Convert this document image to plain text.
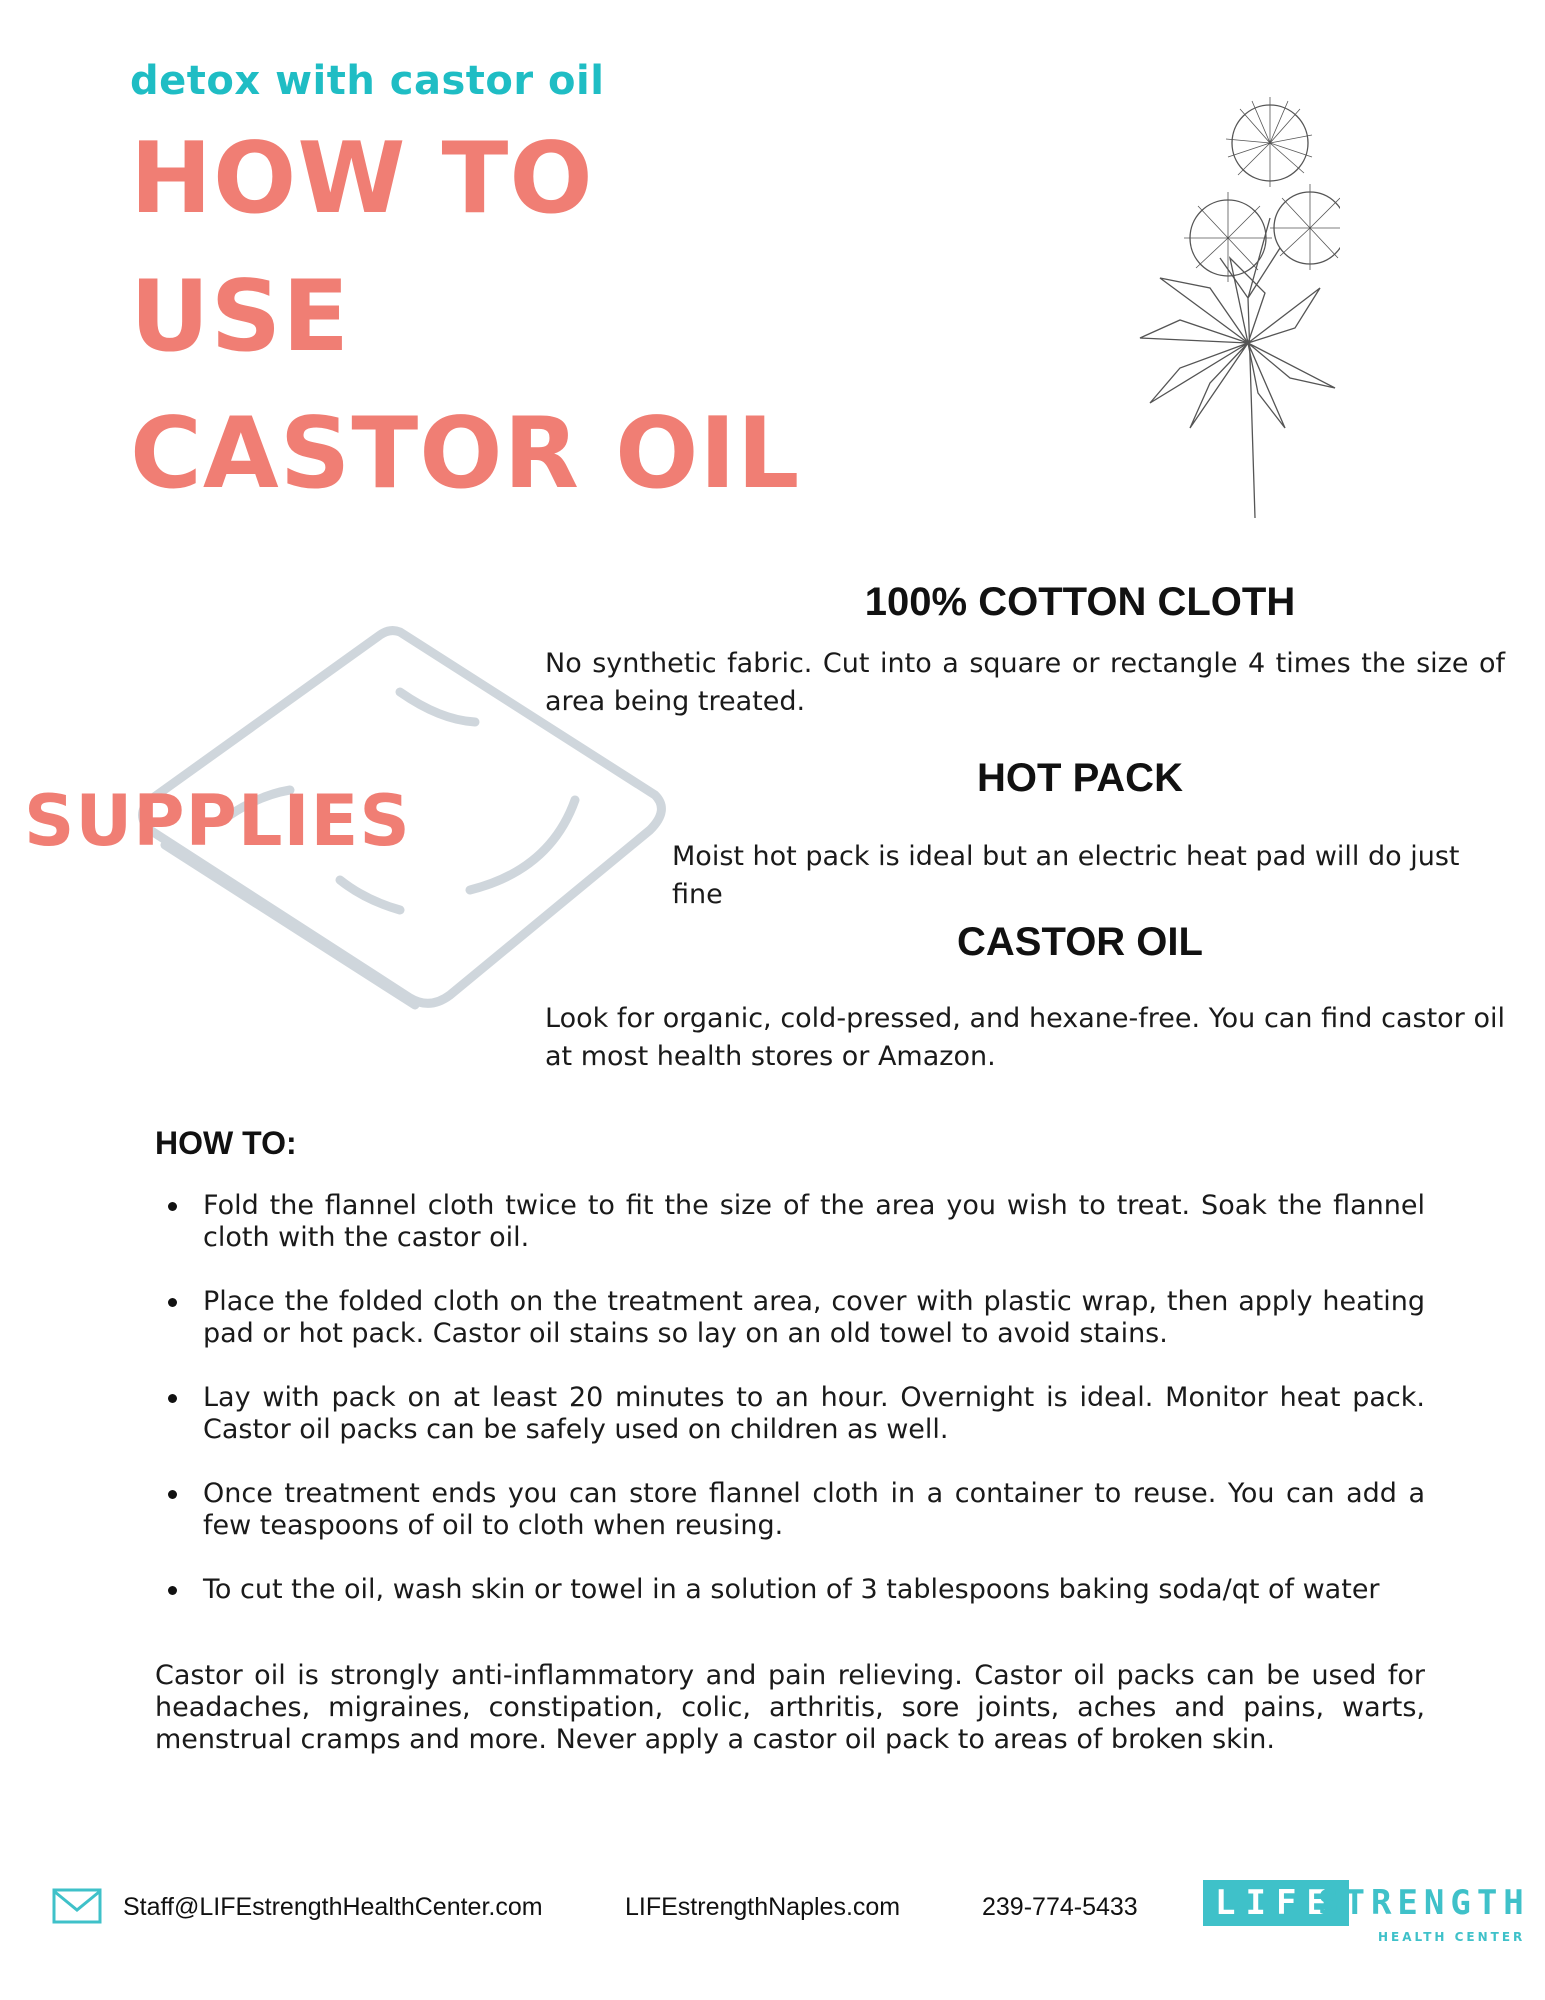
detox with castor oil
HOW TO
USE
CASTOR OIL
SUPPLIES
100% COTTON CLOTH
No synthetic fabric. Cut into a square or rectangle 4 times the size of area being treated.
HOT PACK
Moist hot pack is ideal but an electric heat pad will do just fine
CASTOR OIL
Look for organic, cold-pressed, and hexane-free. You can find castor oil at most health stores or Amazon.
HOW TO:
Fold the flannel cloth twice to fit the size of the area you wish to treat. Soak the flannel cloth with the castor oil.
Place the folded cloth on the treatment area, cover with plastic wrap, then apply heating pad or hot pack. Castor oil stains so lay on an old towel to avoid stains.
Lay with pack on at least 20 minutes to an hour. Overnight is ideal. Monitor heat pack. Castor oil packs can be safely used on children as well.
Once treatment ends you can store flannel cloth in a container to reuse. You can add a few teaspoons of oil to cloth when reusing.
To cut the oil, wash skin or towel in a solution of 3 tablespoons baking soda/qt of water
Castor oil is strongly anti-inflammatory and pain relieving. Castor oil packs can be used for headaches, migraines, constipation, colic, arthritis, sore joints, aches and pains, warts, menstrual cramps and more. Never apply a castor oil pack to areas of broken skin.
Staff@LIFEstrengthHealthCenter.com	LIFEstrengthNaples.com	239-774-5433	LIFE
STRENGTH
HEALTH CENTER
